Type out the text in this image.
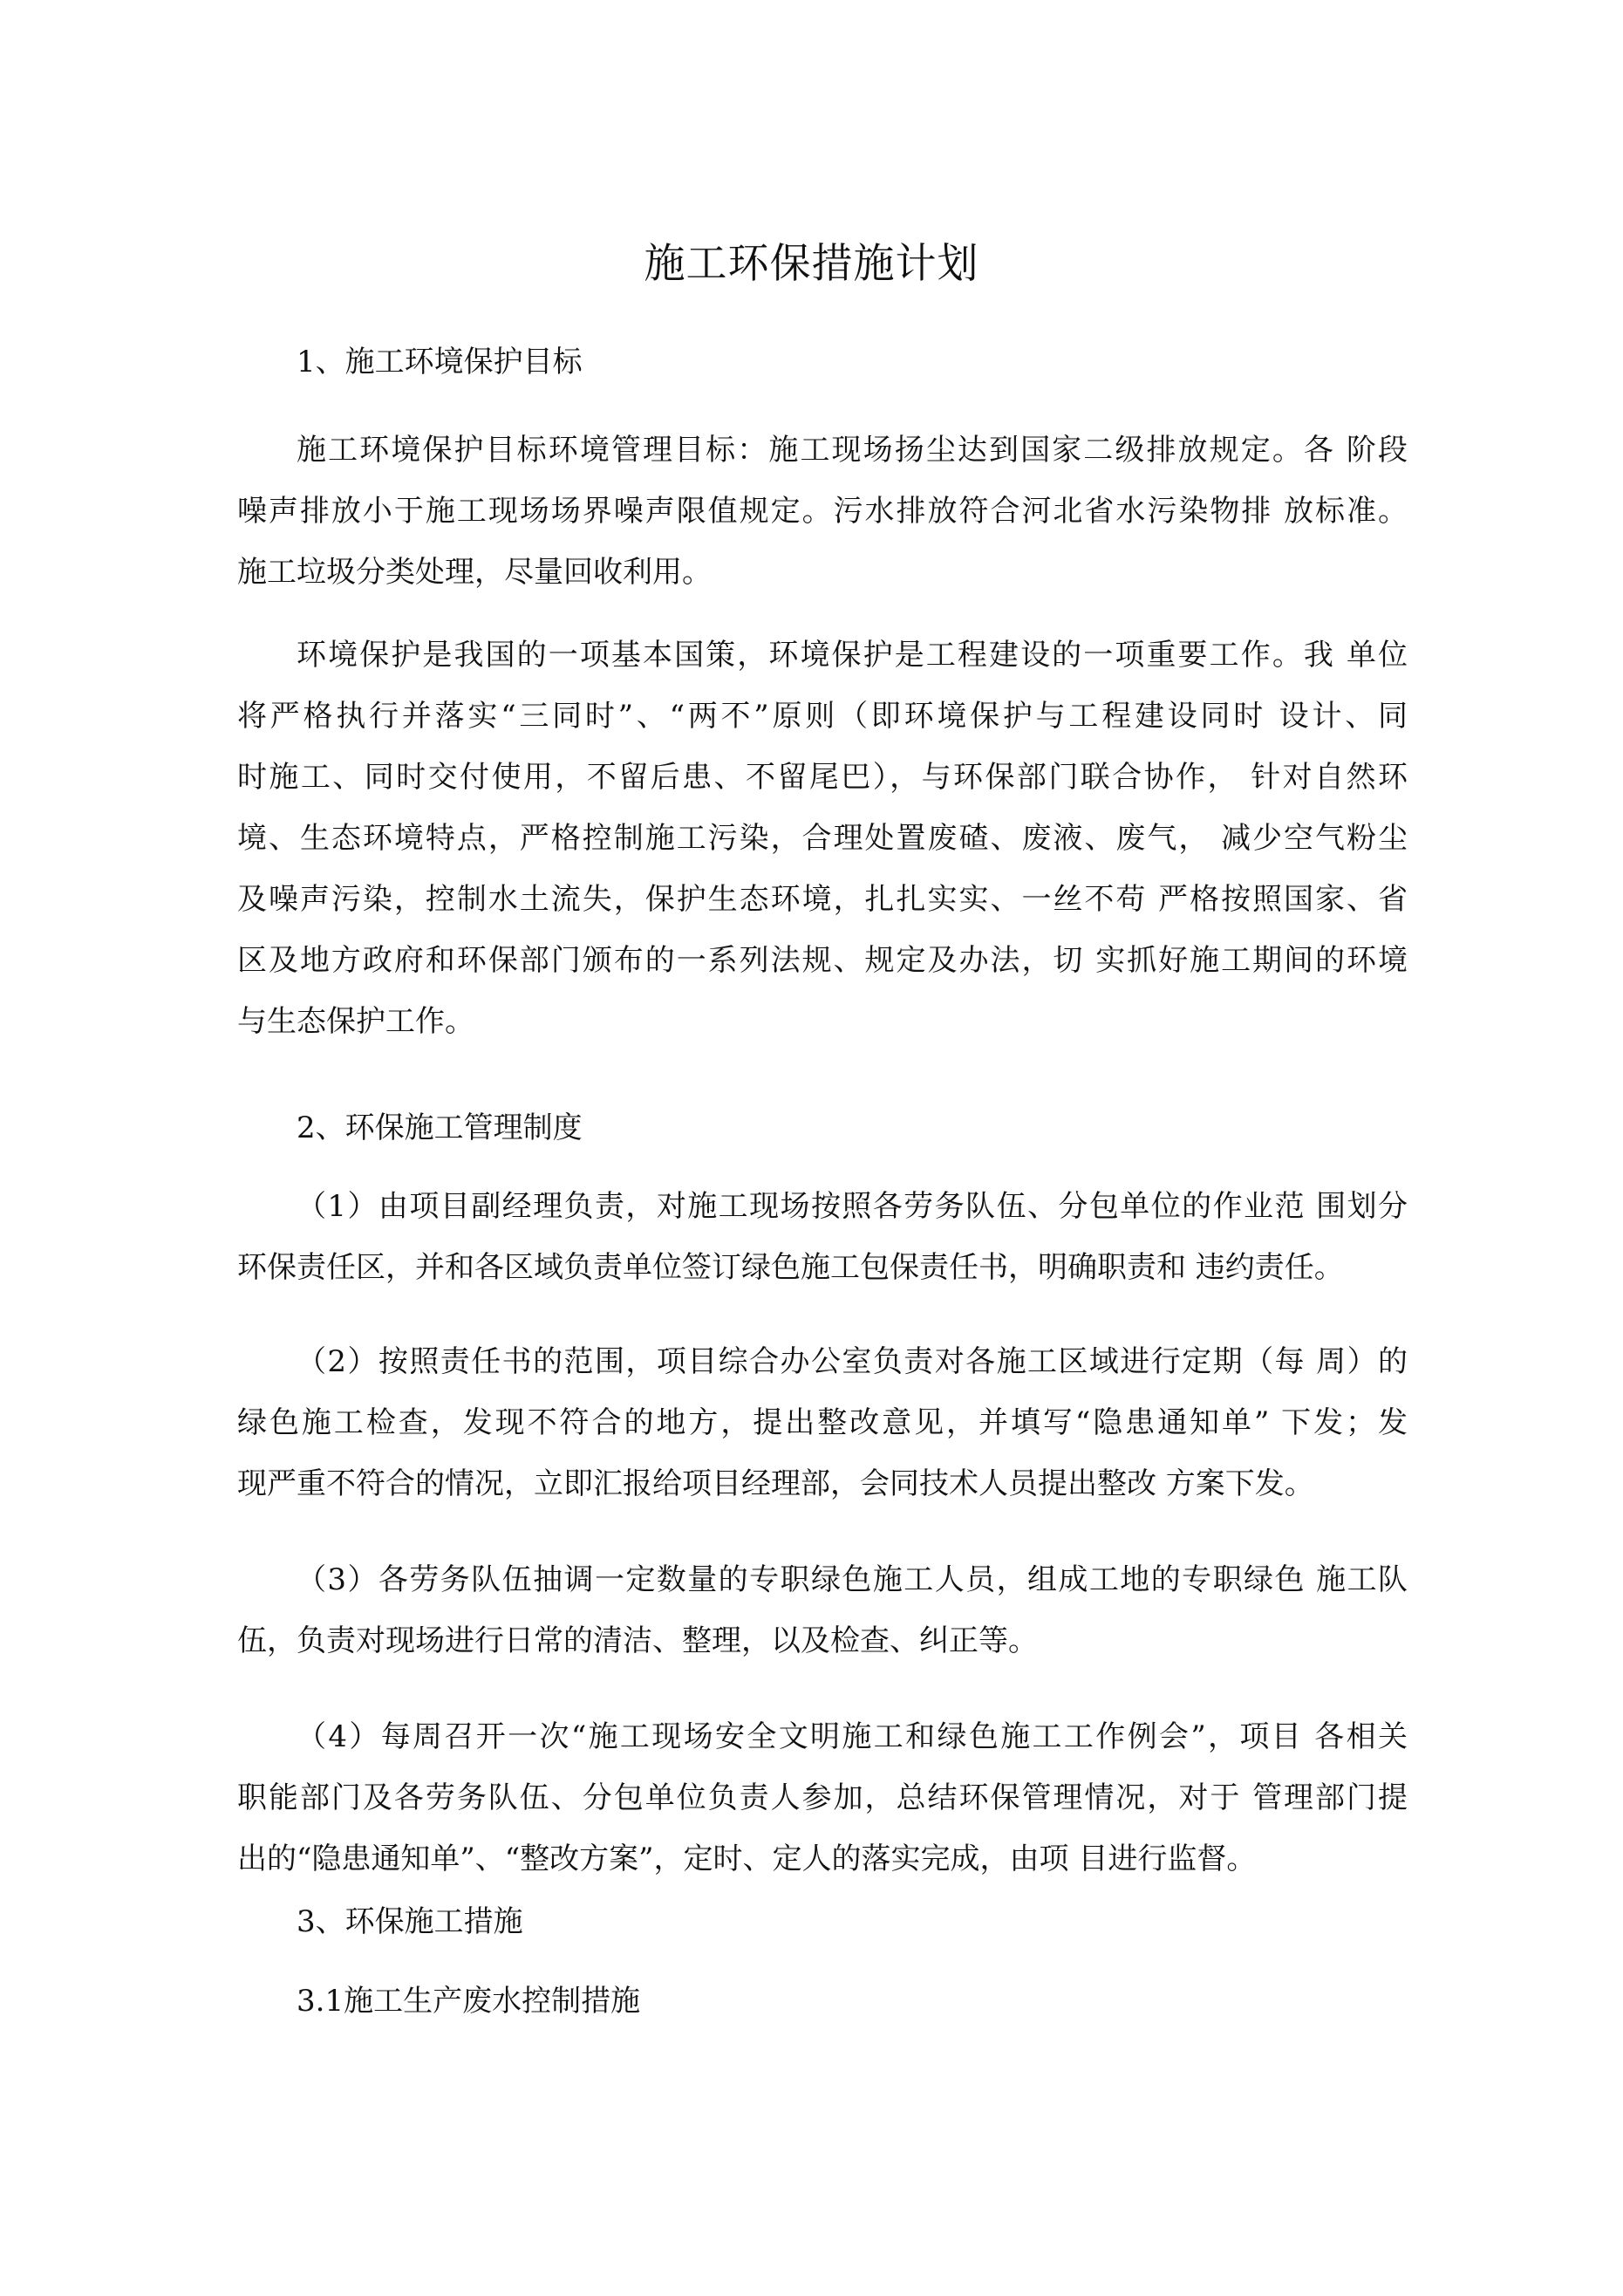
施工环保措施计划
1、施工环境保护目标
施工环境保护目标环境管理目标：施工现场扬尘达到国家二级排放规定。各 阶段
噪声排放小于施工现场场界噪声限值规定。污水排放符合河北省水污染物排 放标准。
施工垃圾分类处理，尽量回收利用。
环境保护是我国的一项基本国策，环境保护是工程建设的一项重要工作。我 单位
将严格执行并落实“三同时”、“两不”原则（即环境保护与工程建设同时 设计、同
时施工、同时交付使用，不留后患、不留尾巴），与环保部门联合协作， 针对自然环
境、生态环境特点，严格控制施工污染，合理处置废碴、废液、废气， 减少空气粉尘
及噪声污染，控制水土流失，保护生态环境，扎扎实实、一丝不苟 严格按照国家、省
区及地方政府和环保部门颁布的一系列法规、规定及办法，切 实抓好施工期间的环境
与生态保护工作。
2、环保施工管理制度
（1）由项目副经理负责，对施工现场按照各劳务队伍、分包单位的作业范 围划分
环保责任区，并和各区域负责单位签订绿色施工包保责任书，明确职责和 违约责任。
（2）按照责任书的范围，项目综合办公室负责对各施工区域进行定期（每 周）的
绿色施工检查，发现不符合的地方，提出整改意见，并填写“隐患通知单” 下发；发
现严重不符合的情况，立即汇报给项目经理部，会同技术人员提出整改 方案下发。
（3）各劳务队伍抽调一定数量的专职绿色施工人员，组成工地的专职绿色 施工队
伍，负责对现场进行日常的清洁、整理，以及检查、纠正等。
（4）每周召开一次“施工现场安全文明施工和绿色施工工作例会”，项目 各相关
职能部门及各劳务队伍、分包单位负责人参加，总结环保管理情况，对于 管理部门提
出的“隐患通知单”、“整改方案”，定时、定人的落实完成，由项 目进行监督。
3、环保施工措施
3.1施工生产废水控制措施
